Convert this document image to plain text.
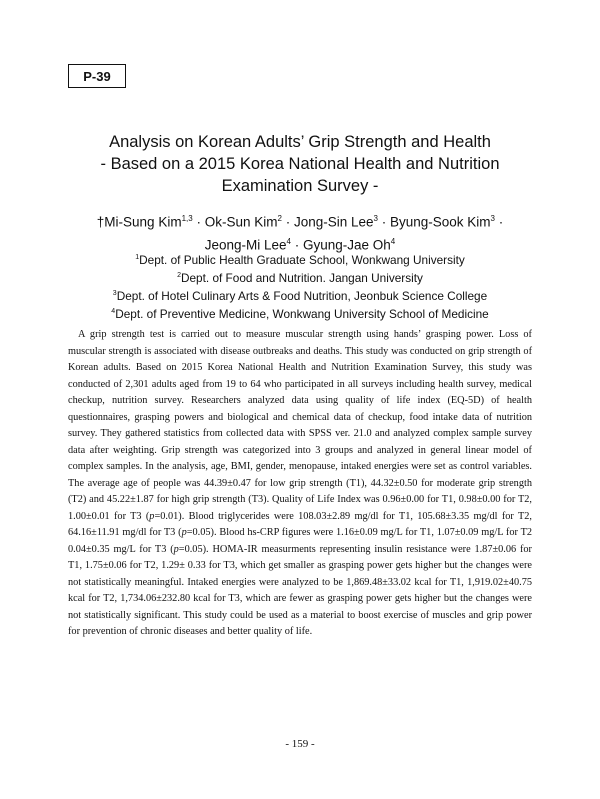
P-39
Analysis on Korean Adults’ Grip Strength and Health
- Based on a 2015 Korea National Health and Nutrition
Examination Survey -
†Mi-Sung Kim$^{1,3}$ · Ok-Sun Kim$^2$ · Jong-Sin Lee$^3$ · Byung-Sook Kim$^3$ ·
Jeong-Mi Lee$^4$ · Gyung-Jae Oh$^4$
$^1$Dept. of Public Health Graduate School, Wonkwang University
$^2$Dept. of Food and Nutrition. Jangan University
$^3$Dept. of Hotel Culinary Arts & Food Nutrition, Jeonbuk Science College
$^4$Dept. of Preventive Medicine, Wonkwang University School of Medicine

A grip strength test is carried out to measure muscular strength using hands’ grasping power. Loss of muscular strength is associated with disease outbreaks and deaths. This study was conducted on grip strength of Korean adults. Based on 2015 Korea National Health and Nutrition Examination Survey, this study was conducted of 2,301 adults aged from 19 to 64 who participated in all surveys including health survey, medical checkup, nutrition survey. Researchers analyzed data using quality of life index (EQ-5D) of health questionnaires, grasping powers and biological and chemical data of checkup, food intake data of nutrition survey. They gathered statistics from collected data with SPSS ver. 21.0 and analyzed complex sample survey data after weighting. Grip strength was categorized into 3 groups and analyzed in general linear model of complex samples. In the analysis, age, BMI, gender, menopause, intaked energies were set as control variables. The average age of people was 44.39±0.47 for low grip strength (T1), 44.32±0.50 for moderate grip strength (T2) and 45.22±1.87 for high grip strength (T3). Quality of Life Index was 0.96±0.00 for T1, 0.98±0.00 for T2, 1.00±0.01 for T3 (p=0.01). Blood triglycerides were 108.03±2.89 mg/dl for T1, 105.68±3.35 mg/dl for T2, 64.16±11.91 mg/dl for T3 (p=0.05). Blood hs-CRP figures were 1.16±0.09 mg/L for T1, 1.07±0.09 mg/L for T2 0.04±0.35 mg/L for T3 (p=0.05). HOMA-IR measurments representing insulin resistance were 1.87±0.06 for T1, 1.75±0.06 for T2, 1.29± 0.33 for T3, which get smaller as grasping power gets higher but the changes were not statistically meaningful. Intaked energies were analyzed to be 1,869.48±33.02 kcal for T1, 1,919.02±40.75 kcal for T2, 1,734.06±232.80 kcal for T3, which are fewer as grasping power gets higher but the changes were not statistically significant. This study could be used as a material to boost exercise of muscles and grip power for prevention of chronic diseases and better quality of life.

- 159 -
